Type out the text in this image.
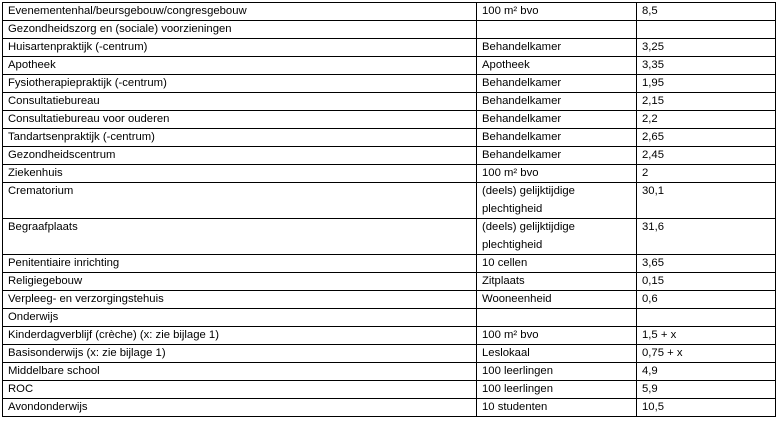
Evenementenhal/beursgebouw/congresgebouw	100 m² bvo	8,5
Gezondheidszorg en (sociale) voorzieningen		
Huisartenpraktijk (-centrum)	Behandelkamer	3,25
Apotheek	Apotheek	3,35
Fysiotherapiepraktijk (-centrum)	Behandelkamer	1,95
Consultatiebureau	Behandelkamer	2,15
Consultatiebureau voor ouderen	Behandelkamer	2,2
Tandartsenpraktijk (-centrum)	Behandelkamer	2,65
Gezondheidscentrum	Behandelkamer	2,45
Ziekenhuis	100 m² bvo	2
Crematorium	(deels) gelijktijdige plechtigheid	30,1
Begraafplaats	(deels) gelijktijdige plechtigheid	31,6
Penitentiaire inrichting	10 cellen	3,65
Religiegebouw	Zitplaats	0,15
Verpleeg- en verzorgingstehuis	Wooneenheid	0,6
Onderwijs		
Kinderdagverblijf (crèche) (x: zie bijlage 1)	100 m² bvo	1,5 + x
Basisonderwijs (x: zie bijlage 1)	Leslokaal	0,75 + x
Middelbare school	100 leerlingen	4,9
ROC	100 leerlingen	5,9
Avondonderwijs	10 studenten	10,5
